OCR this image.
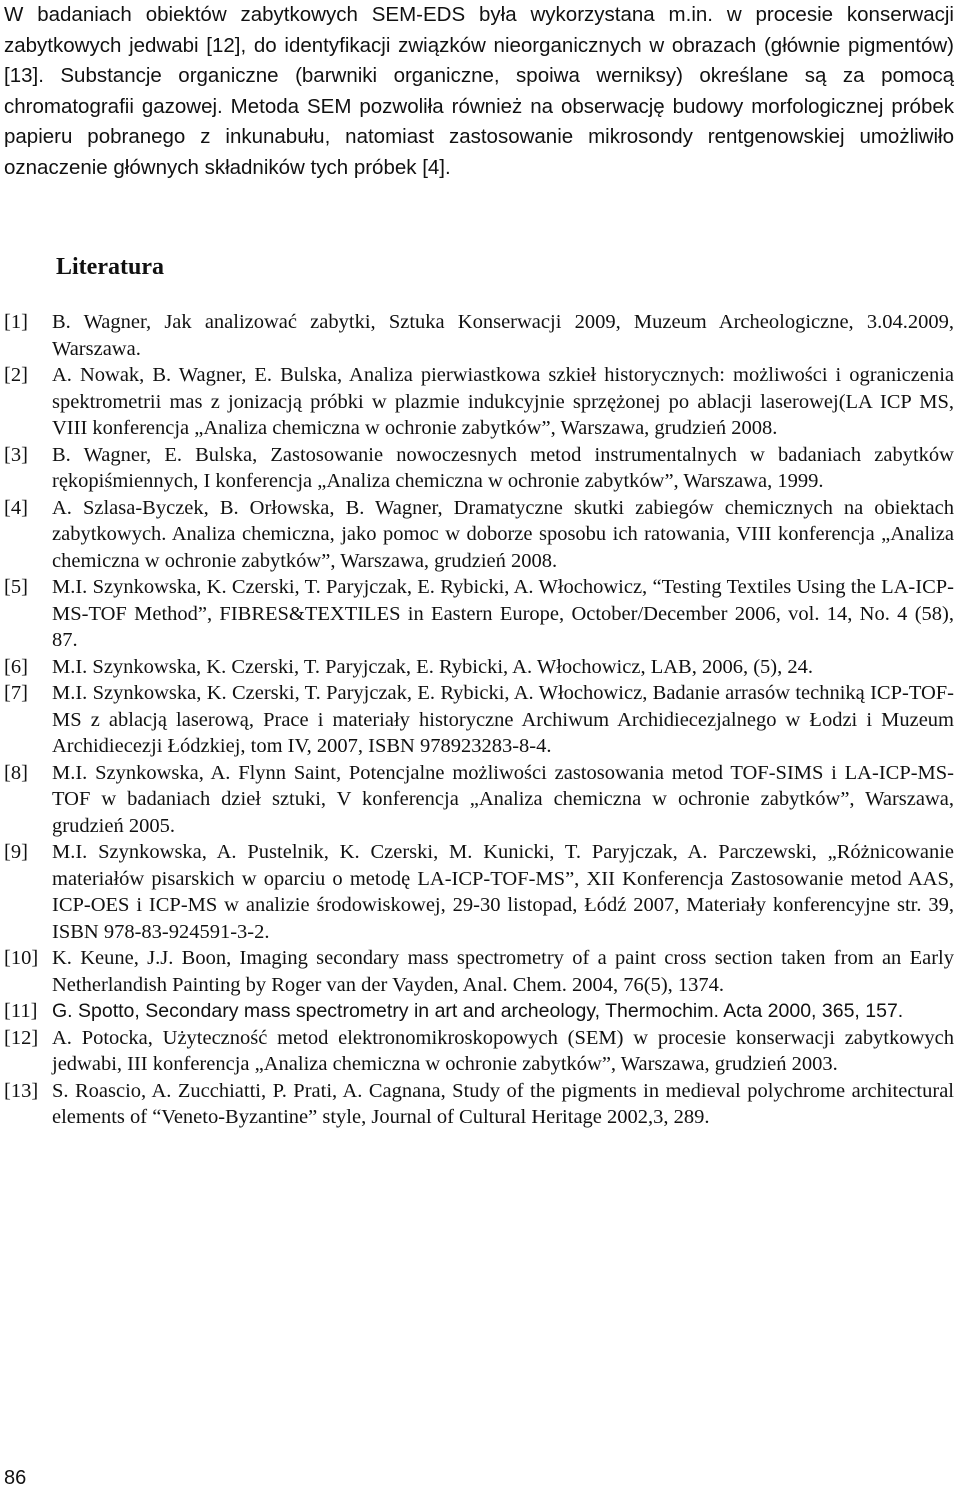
W badaniach obiektów zabytkowych SEM-EDS była wykorzystana m.in. w procesie konserwacji zabytkowych jedwabi [12], do identyfikacji związków nieorganicznych w obrazach (głównie pigmentów) [13]. Substancje organiczne (barwniki organiczne, spoiwa werniksy) określane są za pomocą chromatografii gazowej. Metoda SEM pozwoliła również na obserwację budowy morfologicznej próbek papieru pobranego z inkunabułu, natomiast zastosowanie mikrosondy rentgenowskiej umożliwiło oznaczenie głównych składników tych próbek [4].

Literatura
[1]	B. Wagner, Jak analizować zabytki, Sztuka Konserwacji 2009, Muzeum Archeologiczne, 3.04.2009, Warszawa.
[2]	A. Nowak, B. Wagner, E. Bulska, Analiza pierwiastkowa szkieł historycznych: możliwości i ograniczenia spektrometrii mas z jonizacją próbki w plazmie indukcyjnie sprzężonej po ablacji laserowej(LA ICP MS, VIII konferencja „Analiza chemiczna w ochronie zabytków”, Warszawa, grudzień 2008.
[3]	B. Wagner, E. Bulska, Zastosowanie nowoczesnych metod instrumentalnych w badaniach zabytków rękopiśmiennych, I konferencja „Analiza chemiczna w ochronie zabytków”, Warszawa, 1999.
[4]	A. Szlasa-Byczek, B. Orłowska, B. Wagner, Dramatyczne skutki zabiegów chemicznych na obiektach zabytkowych. Analiza chemiczna, jako pomoc w doborze sposobu ich ratowania, VIII konferencja „Analiza chemiczna w ochronie zabytków”, Warszawa, grudzień 2008.
[5]	M.I. Szynkowska, K. Czerski, T. Paryjczak, E. Rybicki, A. Włochowicz, “Testing Textiles Using the LA-ICP-MS-TOF Method”, FIBRES&TEXTILES in Eastern Europe, October/December 2006, vol. 14, No. 4 (58), 87.
[6]	M.I. Szynkowska, K. Czerski, T. Paryjczak, E. Rybicki, A. Włochowicz, LAB, 2006, (5), 24.
[7]	M.I. Szynkowska, K. Czerski, T. Paryjczak, E. Rybicki, A. Włochowicz, Badanie arrasów techniką ICP-TOF-MS z ablacją laserową, Prace i materiały historyczne Archiwum Archidiecezjalnego w Łodzi i Muzeum Archidiecezji Łódzkiej, tom IV, 2007, ISBN 978923283-8-4.
[8]	M.I. Szynkowska, A. Flynn Saint, Potencjalne możliwości zastosowania metod TOF-SIMS i LA-ICP-MS-TOF w badaniach dzieł sztuki, V konferencja „Analiza chemiczna w ochronie zabytków”, Warszawa, grudzień 2005.
[9]	M.I. Szynkowska, A. Pustelnik, K. Czerski, M. Kunicki, T. Paryjczak, A. Parczewski, „Różnicowanie materiałów pisarskich w oparciu o metodę LA-ICP-TOF-MS”, XII Konferencja Zastosowanie metod AAS, ICP-OES i ICP-MS w analizie środowiskowej, 29-30 listopad, Łódź 2007, Materiały konferencyjne str. 39, ISBN 978-83-924591-3-2.
[10] K. Keune, J.J. Boon, Imaging secondary mass spectrometry of a paint cross section taken from an Early Netherlandish Painting by Roger van der Vayden, Anal. Chem. 2004, 76(5), 1374.
[11] G. Spotto, Secondary mass spectrometry in art and archeology, Thermochim. Acta 2000, 365, 157.
[12] A. Potocka, Użyteczność metod elektronomikroskopowych (SEM) w procesie konserwacji zabytkowych jedwabi, III konferencja „Analiza chemiczna w ochronie zabytków”, Warszawa, grudzień 2003.
[13] S. Roascio, A. Zucchiatti, P. Prati, A. Cagnana, Study of the pigments in medieval polychrome architectural elements of “Veneto-Byzantine” style, Journal of Cultural Heritage 2002,3, 289.
86
